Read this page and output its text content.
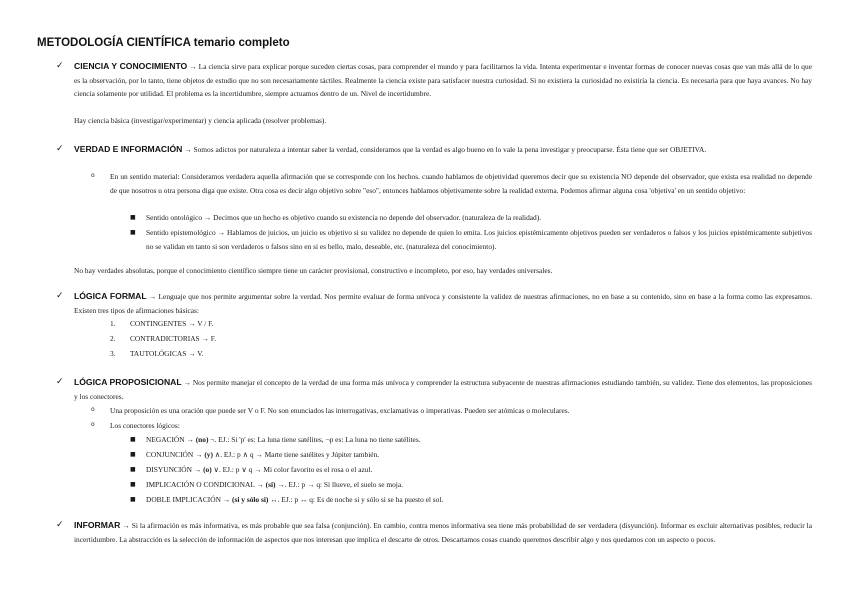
METODOLOGÍA CIENTÍFICA temario completo
✓ CIENCIA Y CONOCIMIENTO → La ciencia sirve para explicar porque suceden ciertas cosas, para comprender el mundo y para facilitarnos la vida. Intenta experimentar e inventar formas de conocer nuevas cosas que van más allá de lo que es la observación, por lo tanto, tiene objetos de estudio que no son necesariamente táctiles. Realmente la ciencia existe para satisfacer nuestra curiosidad. Si no existiera la curiosidad no existiría la ciencia. Es necesaria para que haya avances. No hay ciencia solamente por utilidad. El problema es la incertidumbre, siempre actuamos dentro de un. Nivel de incertidumbre.
Hay ciencia básica (investigar/experimentar) y ciencia aplicada (resolver problemas).
✓ VERDAD E INFORMACIÓN → Somos adictos por naturaleza a intentar saber la verdad, consideramos que la verdad es algo bueno en lo vale la pena investigar y preocuparse. Ésta tiene que ser OBJETIVA.
o En un sentido material: Consideramos verdadera aquella afirmación que se corresponde con los hechos. cuando hablamos de objetividad queremos decir que su existencia NO depende del observador, que exista esa realidad no depende de que nosotros u otra persona diga que existe. Otra cosa es decir algo objetivo sobre "eso", entonces hablamos objetivamente sobre la realidad externa. Podemos afirmar alguna cosa 'objetiva' en un sentido objetivo:
■ Sentido ontológico → Decimos que un hecho es objetivo cuando su existencia no depende del observador. (naturaleza de la realidad).
■ Sentido epistemológico → Hablamos de juicios, un juicio es objetivo si su validez no depende de quien lo emita. Los juicios epistémicamente objetivos pueden ser verdaderos o falsos y los juicios epistémicamente subjetivos no se validan en tanto si son verdaderos o falsos sino en si es bello, malo, deseable, etc. (naturaleza del conocimiento).
No hay verdades absolutas, porque el conocimiento científico siempre tiene un carácter provisional, constructivo e incompleto, por eso, hay verdades universales.
✓ LÓGICA FORMAL → Lenguaje que nos permite argumentar sobre la verdad. Nos permite evaluar de forma unívoca y consistente la validez de nuestras afirmaciones, no en base a su contenido, sino en base a la forma como las expresamos. Existen tres tipos de afirmaciones básicas:
1. CONTINGENTES → V / F.
2. CONTRADICTORIAS → F.
3. TAUTOLÓGICAS → V.
✓ LÓGICA PROPOSICIONAL → Nos permite manejar el concepto de la verdad de una forma más unívoca y comprender la estructura subyacente de nuestras afirmaciones estudiando también, su validez. Tiene dos elementos, las proposiciones y los conectores.
o Una proposición es una oración que puede ser V o F. No son enunciados las interrogativas, exclamativas o imperativas. Pueden ser atómicas o moleculares.
o Los conectores lógicos:
■ NEGACIÓN → (no) ¬. EJ.: Si 'p' es: La luna tiene satélites, ¬p es: La luna no tiene satélites.
■ CONJUNCIÓN → (y) ∧. EJ.: p ∧ q → Marte tiene satélites y Júpiter también.
■ DISYUNCIÓN → (o) ∨. EJ.: p ∨ q → Mi color favorito es el rosa o el azul.
■ IMPLICACIÓN O CONDICIONAL → (si) →. EJ.: p → q: Si llueve, el suelo se moja.
■ DOBLE IMPLICACIÓN → (si y sólo si) ↔. EJ.: p ↔ q: Es de noche si y sólo si se ha puesto el sol.
✓ INFORMAR → Si la afirmación es más informativa, es más probable que sea falsa (conjunción). En cambio, contra menos informativa sea tiene más probabilidad de ser verdadera (disyunción). Informar es excluir alternativas posibles, reducir la incertidumbre. La abstracción es la selección de información de aspectos que nos interesan que implica el descarte de otros. Descartamos cosas cuando queremos describir algo y nos quedamos con un aspecto o pocos.
